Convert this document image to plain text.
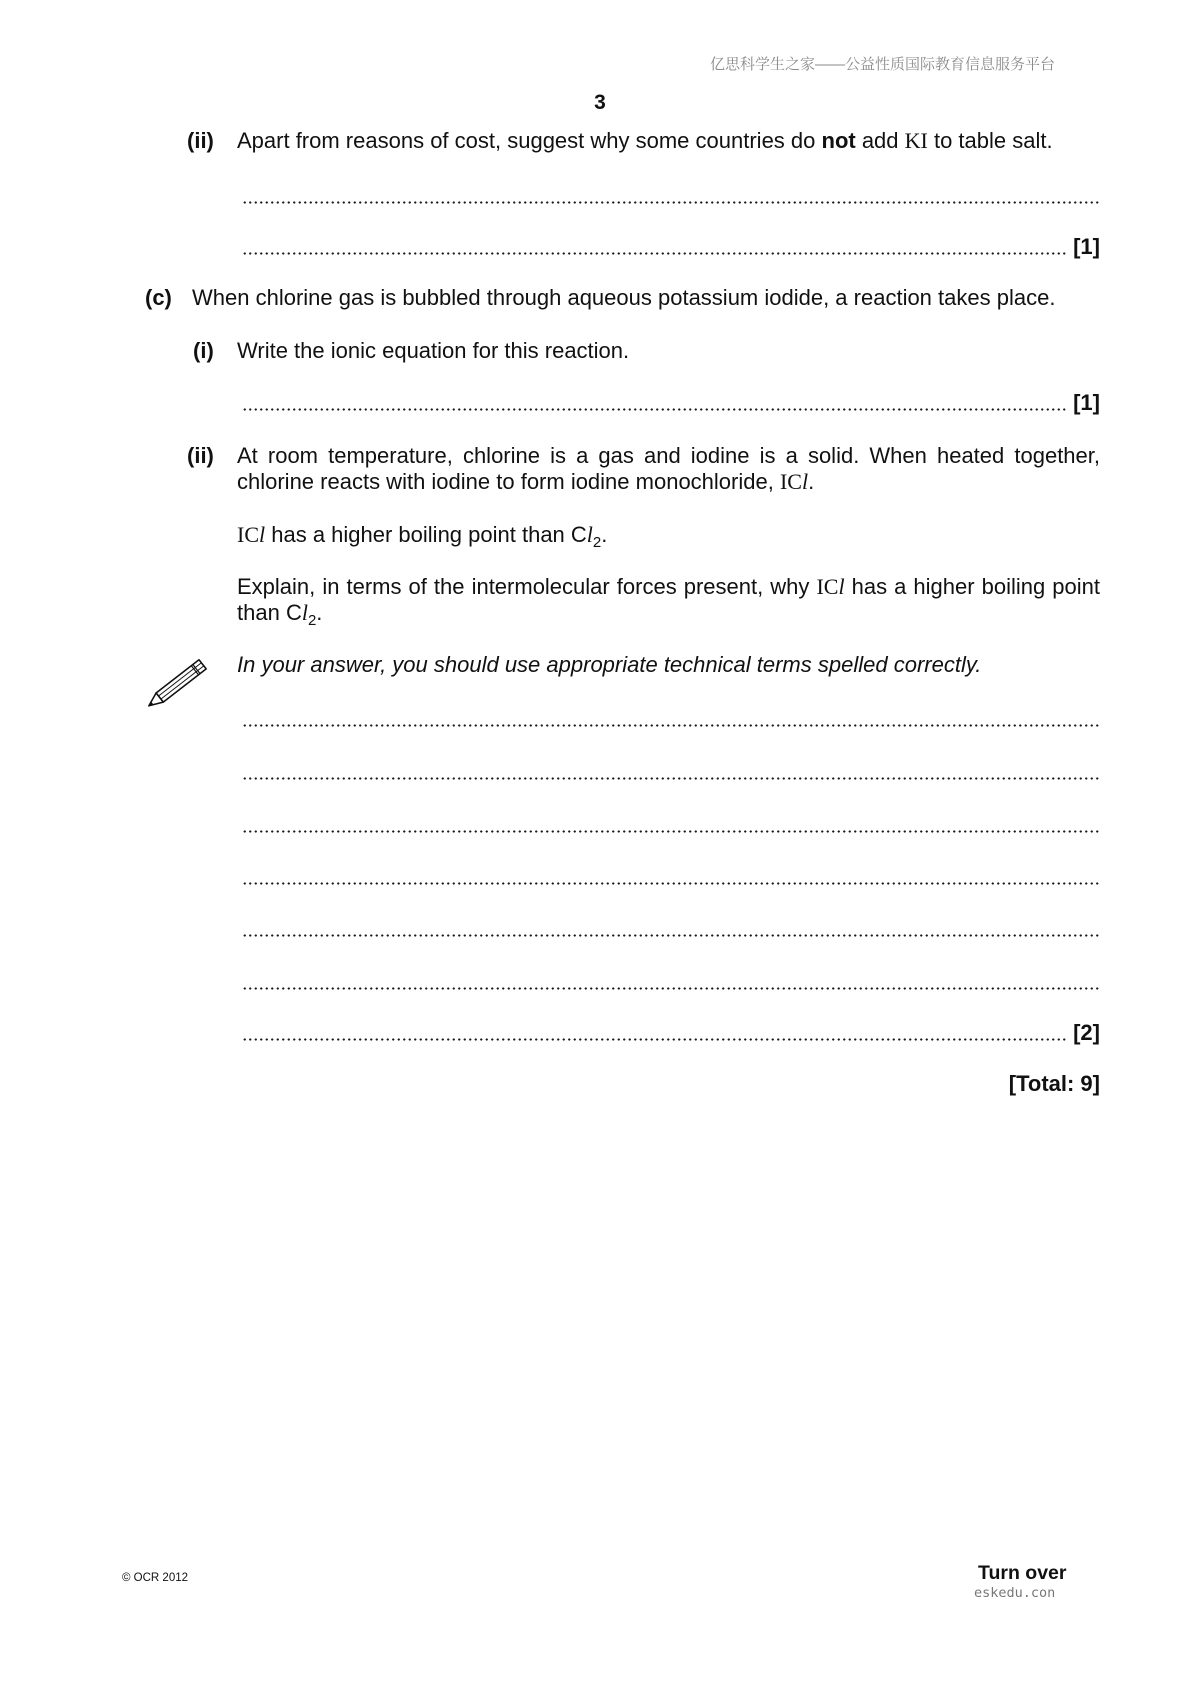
亿思科学生之家——公益性质国际教育信息服务平台
3
(ii) Apart from reasons of cost, suggest why some countries do not add KI to table salt.
[1]
(c) When chlorine gas is bubbled through aqueous potassium iodide, a reaction takes place.
(i) Write the ionic equation for this reaction.
[1]
(ii) At room temperature, chlorine is a gas and iodine is a solid. When heated together, chlorine reacts with iodine to form iodine monochloride, ICl.
ICl has a higher boiling point than $Cl_2$.
Explain, in terms of the intermolecular forces present, why ICl has a higher boiling point than $Cl_2$.
In your answer, you should use appropriate technical terms spelled correctly.
[2]
[Total: 9]
© OCR 2012	Turn over
eskedu.con
